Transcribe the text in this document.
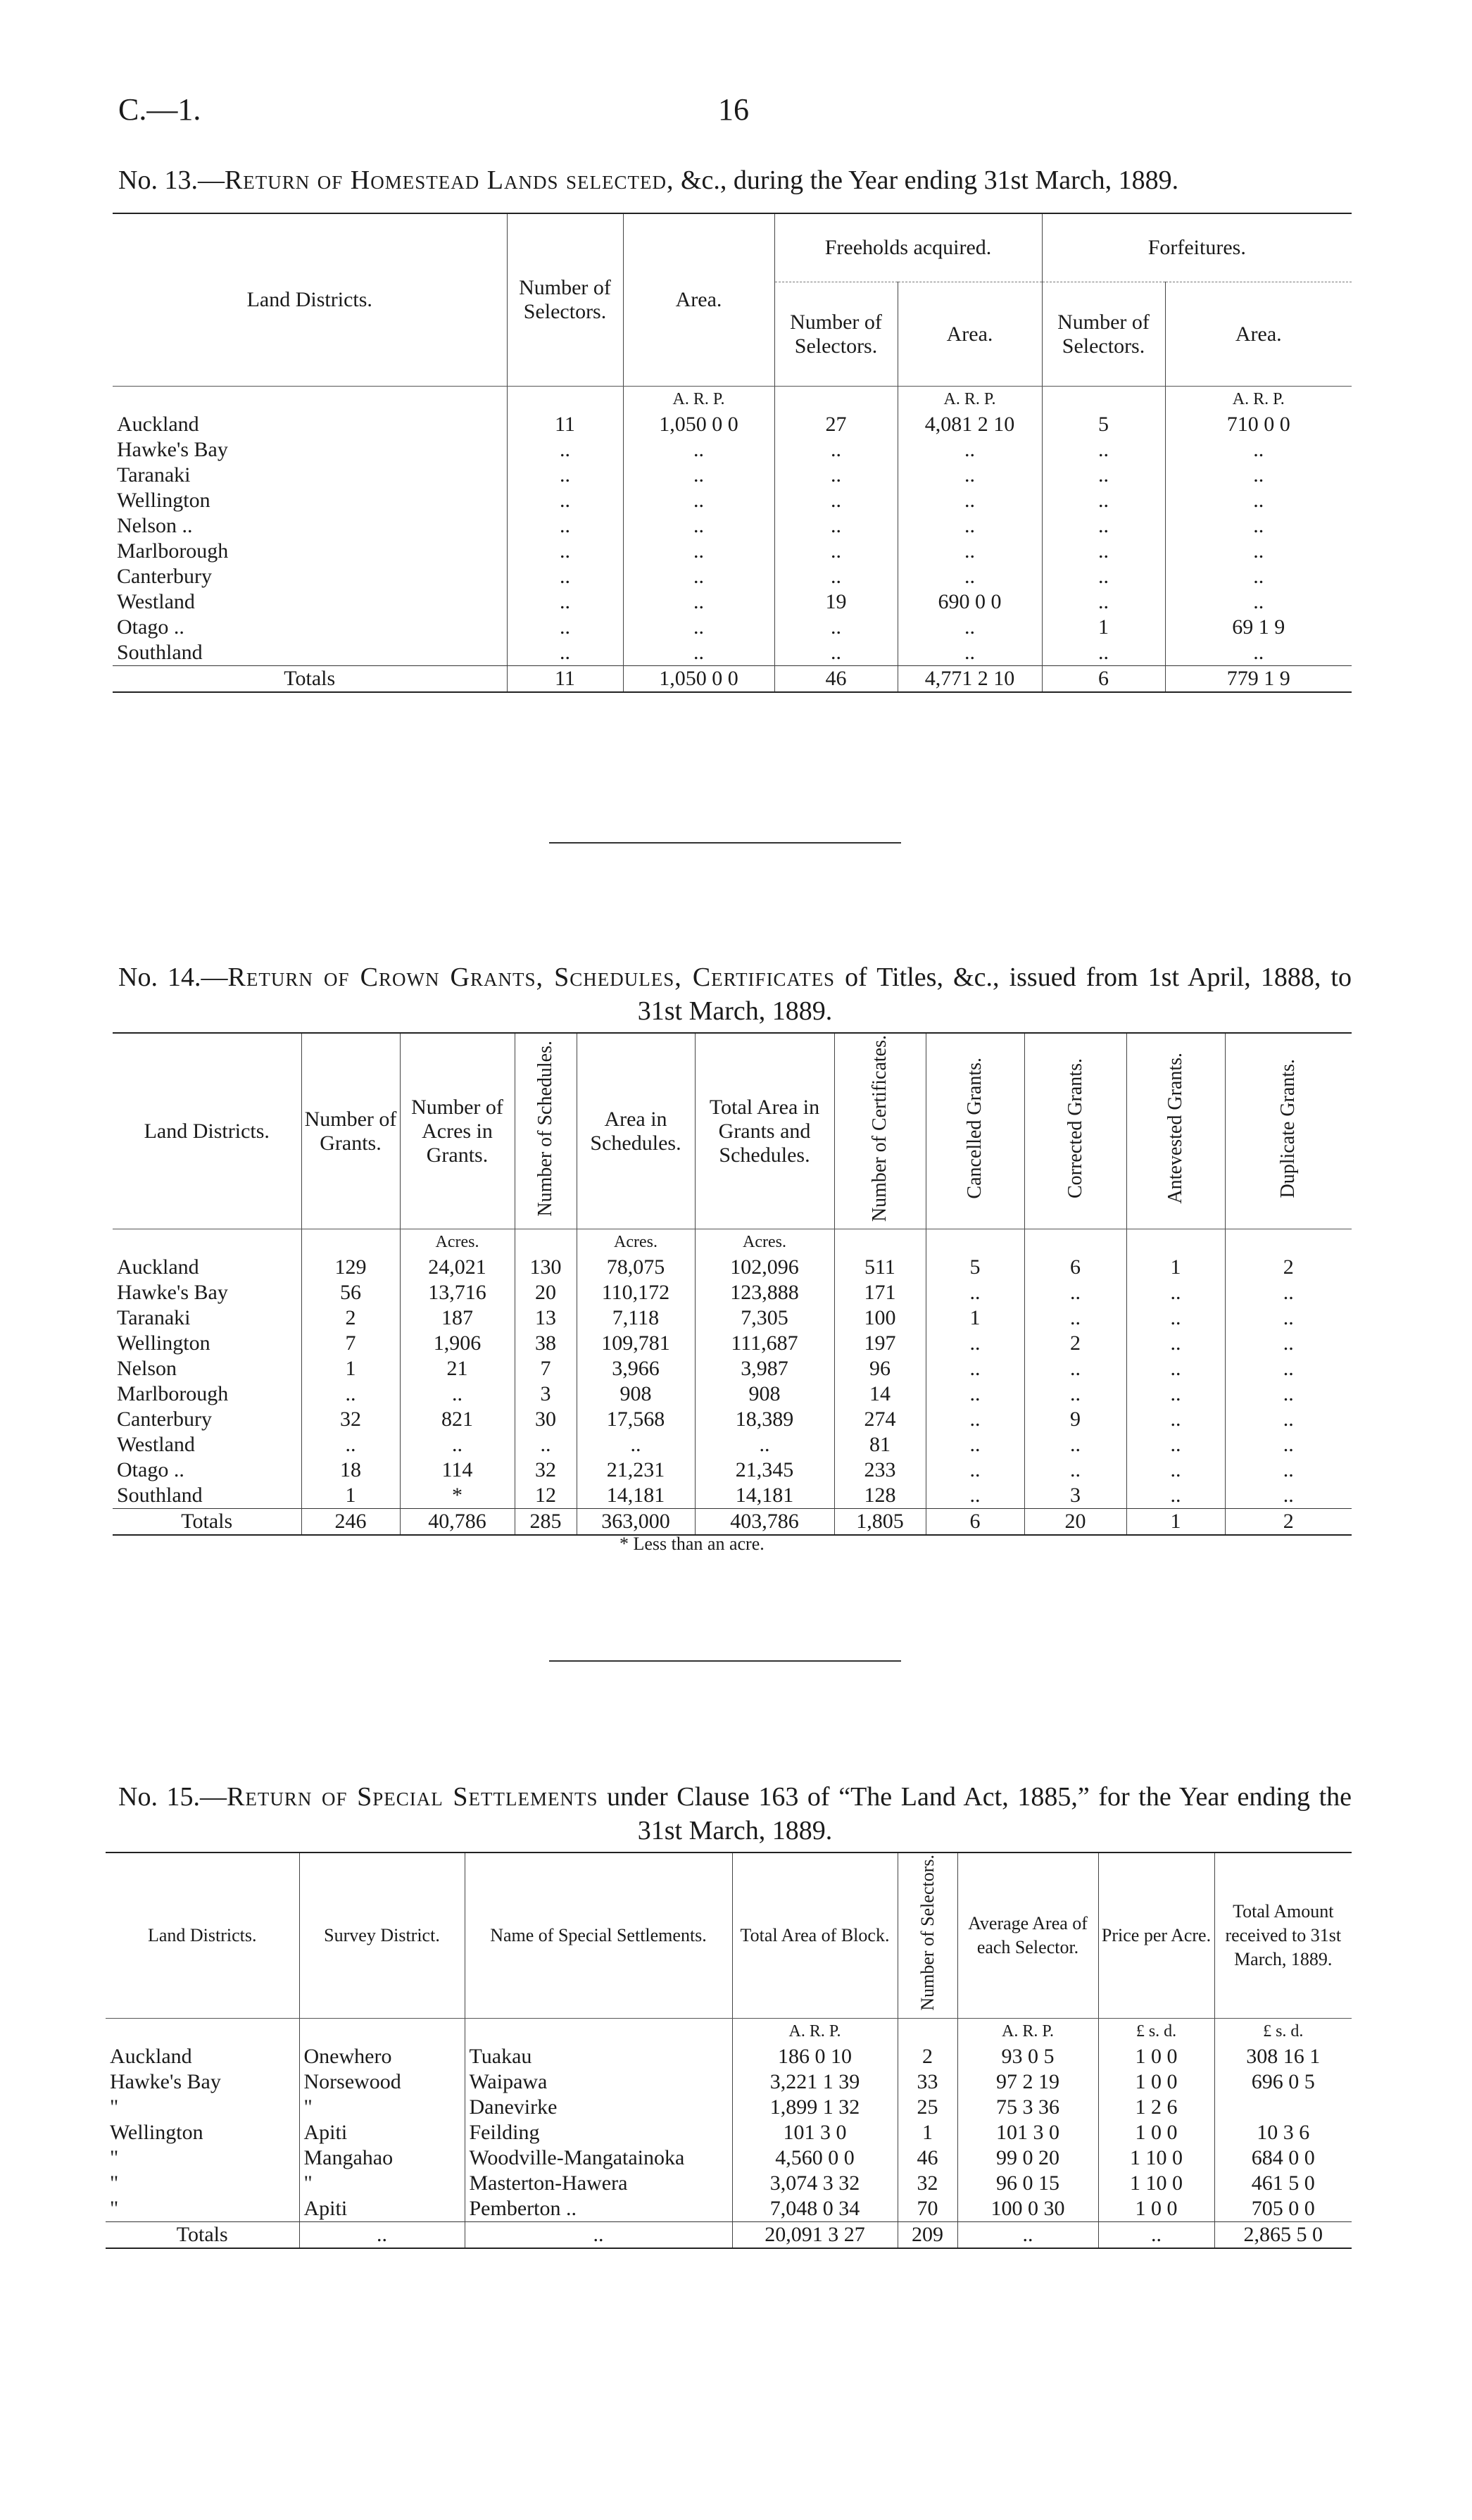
C.—1.	16
No. 13.—Return of Homestead Lands selected, &c., during the Year ending 31st March, 1889.
Land Districts.	Number of Selectors.	Area.	Freeholds acquired.		Forfeitures.	
			Number of Selectors.	Area.	Number of Selectors.	Area.
		A. R. P.		A. R. P.		A. R. P.
Auckland	11	1,050 0 0	27	4,081 2 10	5	710 0 0
Hawke's Bay	..	..	..	..	..	..
Taranaki	..	..	..	..	..	..
Wellington	..	..	..	..	..	..
Nelson ..	..	..	..	..	..	..
Marlborough	..	..	..	..	..	..
Canterbury	..	..	..	..	..	..
Westland	..	..	19	690 0 0	..	..
Otago ..	..	..	..	..	1	69 1 9
Southland	..	..	..	..	..	..
Totals	11	1,050 0 0	46	4,771 2 10	6	779 1 9
No. 14.—Return of Crown Grants, Schedules, Certificates of Titles, &c., issued from 1st April, 1888, to 31st March, 1889.
Land Districts.	Number of Grants.	Number of Acres in Grants.	Number of Schedules.	Area in Schedules.	Total Area in Grants and Schedules.	Number of Certificates.	Cancelled Grants.	Corrected Grants.	Antevested Grants.	Duplicate Grants.
		Acres.		Acres.	Acres.					
Auckland	129	24,021	130	78,075	102,096	511	5	6	1	2
Hawke's Bay	56	13,716	20	110,172	123,888	171	..	..	..	..
Taranaki	2	187	13	7,118	7,305	100	1	..	..	..
Wellington	7	1,906	38	109,781	111,687	197	..	2	..	..
Nelson	1	21	7	3,966	3,987	96	..	..	..	..
Marlborough	..	..	3	908	908	14	..	..	..	..
Canterbury	32	821	30	17,568	18,389	274	..	9	..	..
Westland	..	..	..	..	..	81	..	..	..	..
Otago ..	18	114	32	21,231	21,345	233	..	..	..	..
Southland	1	*	12	14,181	14,181	128	..	3	..	..
Totals	246	40,786	285	363,000	403,786	1,805	6	20	1	2
* Less than an acre.
No. 15.—Return of Special Settlements under Clause 163 of “The Land Act, 1885,” for the Year ending the 31st March, 1889.
Land Districts.	Survey District.	Name of Special Settlements.	Total Area of Block.	Number of Selectors.	Average Area of each Selector.	Price per Acre.	Total Amount received to 31st March, 1889.
			A. R. P.		A. R. P.	£ s. d.	£ s. d.
Auckland	Onewhero	Tuakau	186 0 10	2	93 0 5	1 0 0	308 16 1
Hawke's Bay	Norsewood	Waipawa	3,221 1 39	33	97 2 19	1 0 0	696 0 5
"	"	Danevirke	1,899 1 32	25	75 3 36	1 2 6	
Wellington	Apiti	Feilding	101 3 0	1	101 3 0	1 0 0	10 3 6
"	Mangahao	Woodville-Mangatainoka	4,560 0 0	46	99 0 20	1 10 0	684 0 0
"	"	Masterton-Hawera	3,074 3 32	32	96 0 15	1 10 0	461 5 0
"	Apiti	Pemberton ..	7,048 0 34	70	100 0 30	1 0 0	705 0 0
Totals	..	..	20,091 3 27	209	..	..	2,865 5 0
